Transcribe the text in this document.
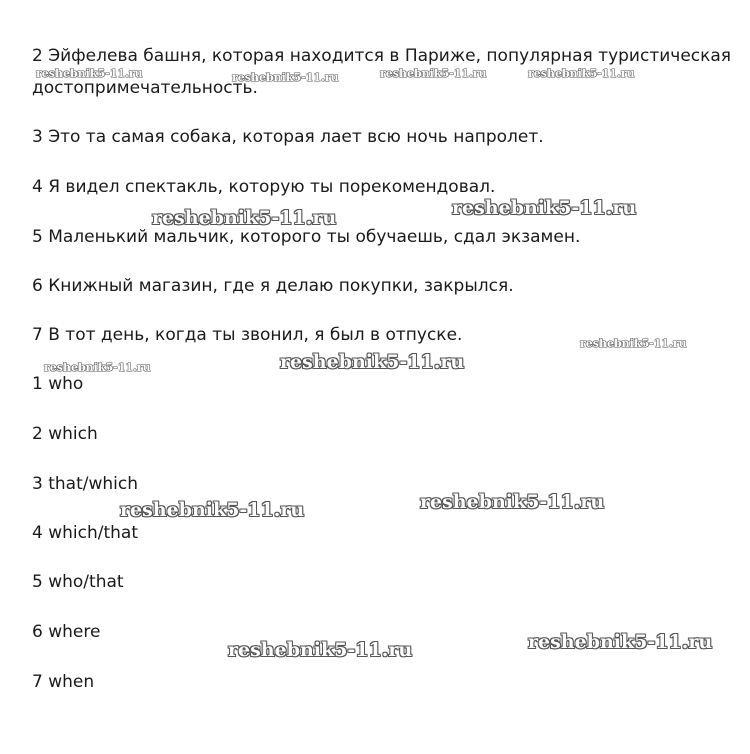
2 Эйфелева башня, которая находится в Париже, популярная туристическая
достопримечательность.
3 Это та самая собака, которая лает всю ночь напролет.
4 Я видел спектакль, которую ты порекомендовал.
5 Маленький мальчик, которого ты обучаешь, сдал экзамен.
6 Книжный магазин, где я делаю покупки, закрылся.
7 В тот день, когда ты звонил, я был в отпуске.
1 who
2 which
3 that/which
4 which/that
5 who/that
6 where
7 when
reshebnik5-11.ru	reshebnik5-11.ru	reshebnik5-11.ru	reshebnik5-11.ru
reshebnik5-11.ru	reshebnik5-11.ru
reshebnik5-11.ru
reshebnik5-11.ru	reshebnik5-11.ru
reshebnik5-11.ru	reshebnik5-11.ru
reshebnik5-11.ru	reshebnik5-11.ru
